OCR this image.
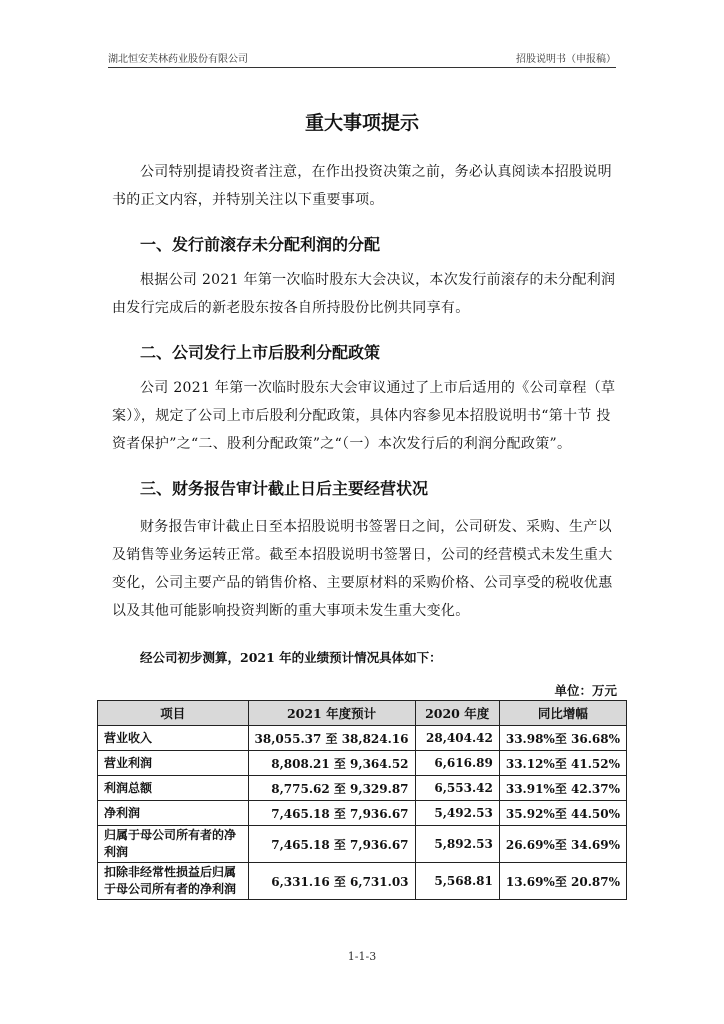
湖北恒安芙林药业股份有限公司	招股说明书（申报稿）
重大事项提示
公司特别提请投资者注意，在作出投资决策之前，务必认真阅读本招股说明书的正文内容，并特别关注以下重要事项。
一、发行前滚存未分配利润的分配
根据公司 2021 年第一次临时股东大会决议，本次发行前滚存的未分配利润由发行完成后的新老股东按各自所持股份比例共同享有。
二、公司发行上市后股利分配政策
公司 2021 年第一次临时股东大会审议通过了上市后适用的《公司章程（草案）》，规定了公司上市后股利分配政策，具体内容参见本招股说明书“第十节 投资者保护”之“二、股利分配政策”之“（一）本次发行后的利润分配政策”。
三、财务报告审计截止日后主要经营状况
财务报告审计截止日至本招股说明书签署日之间，公司研发、采购、生产以及销售等业务运转正常。截至本招股说明书签署日，公司的经营模式未发生重大变化，公司主要产品的销售价格、主要原材料的采购价格、公司享受的税收优惠以及其他可能影响投资判断的重大事项未发生重大变化。
经公司初步测算，2021 年的业绩预计情况具体如下：
单位：万元
项目	2021 年度预计	2020 年度	同比增幅
营业收入	38,055.37 至 38,824.16	28,404.42	33.98%至 36.68%
营业利润	8,808.21 至 9,364.52	6,616.89	33.12%至 41.52%
利润总额	8,775.62 至 9,329.87	6,553.42	33.91%至 42.37%
净利润	7,465.18 至 7,936.67	5,492.53	35.92%至 44.50%
归属于母公司所有者的净利润	7,465.18 至 7,936.67	5,892.53	26.69%至 34.69%
扣除非经常性损益后归属于母公司所有者的净利润	6,331.16 至 6,731.03	5,568.81	13.69%至 20.87%
1-1-3
